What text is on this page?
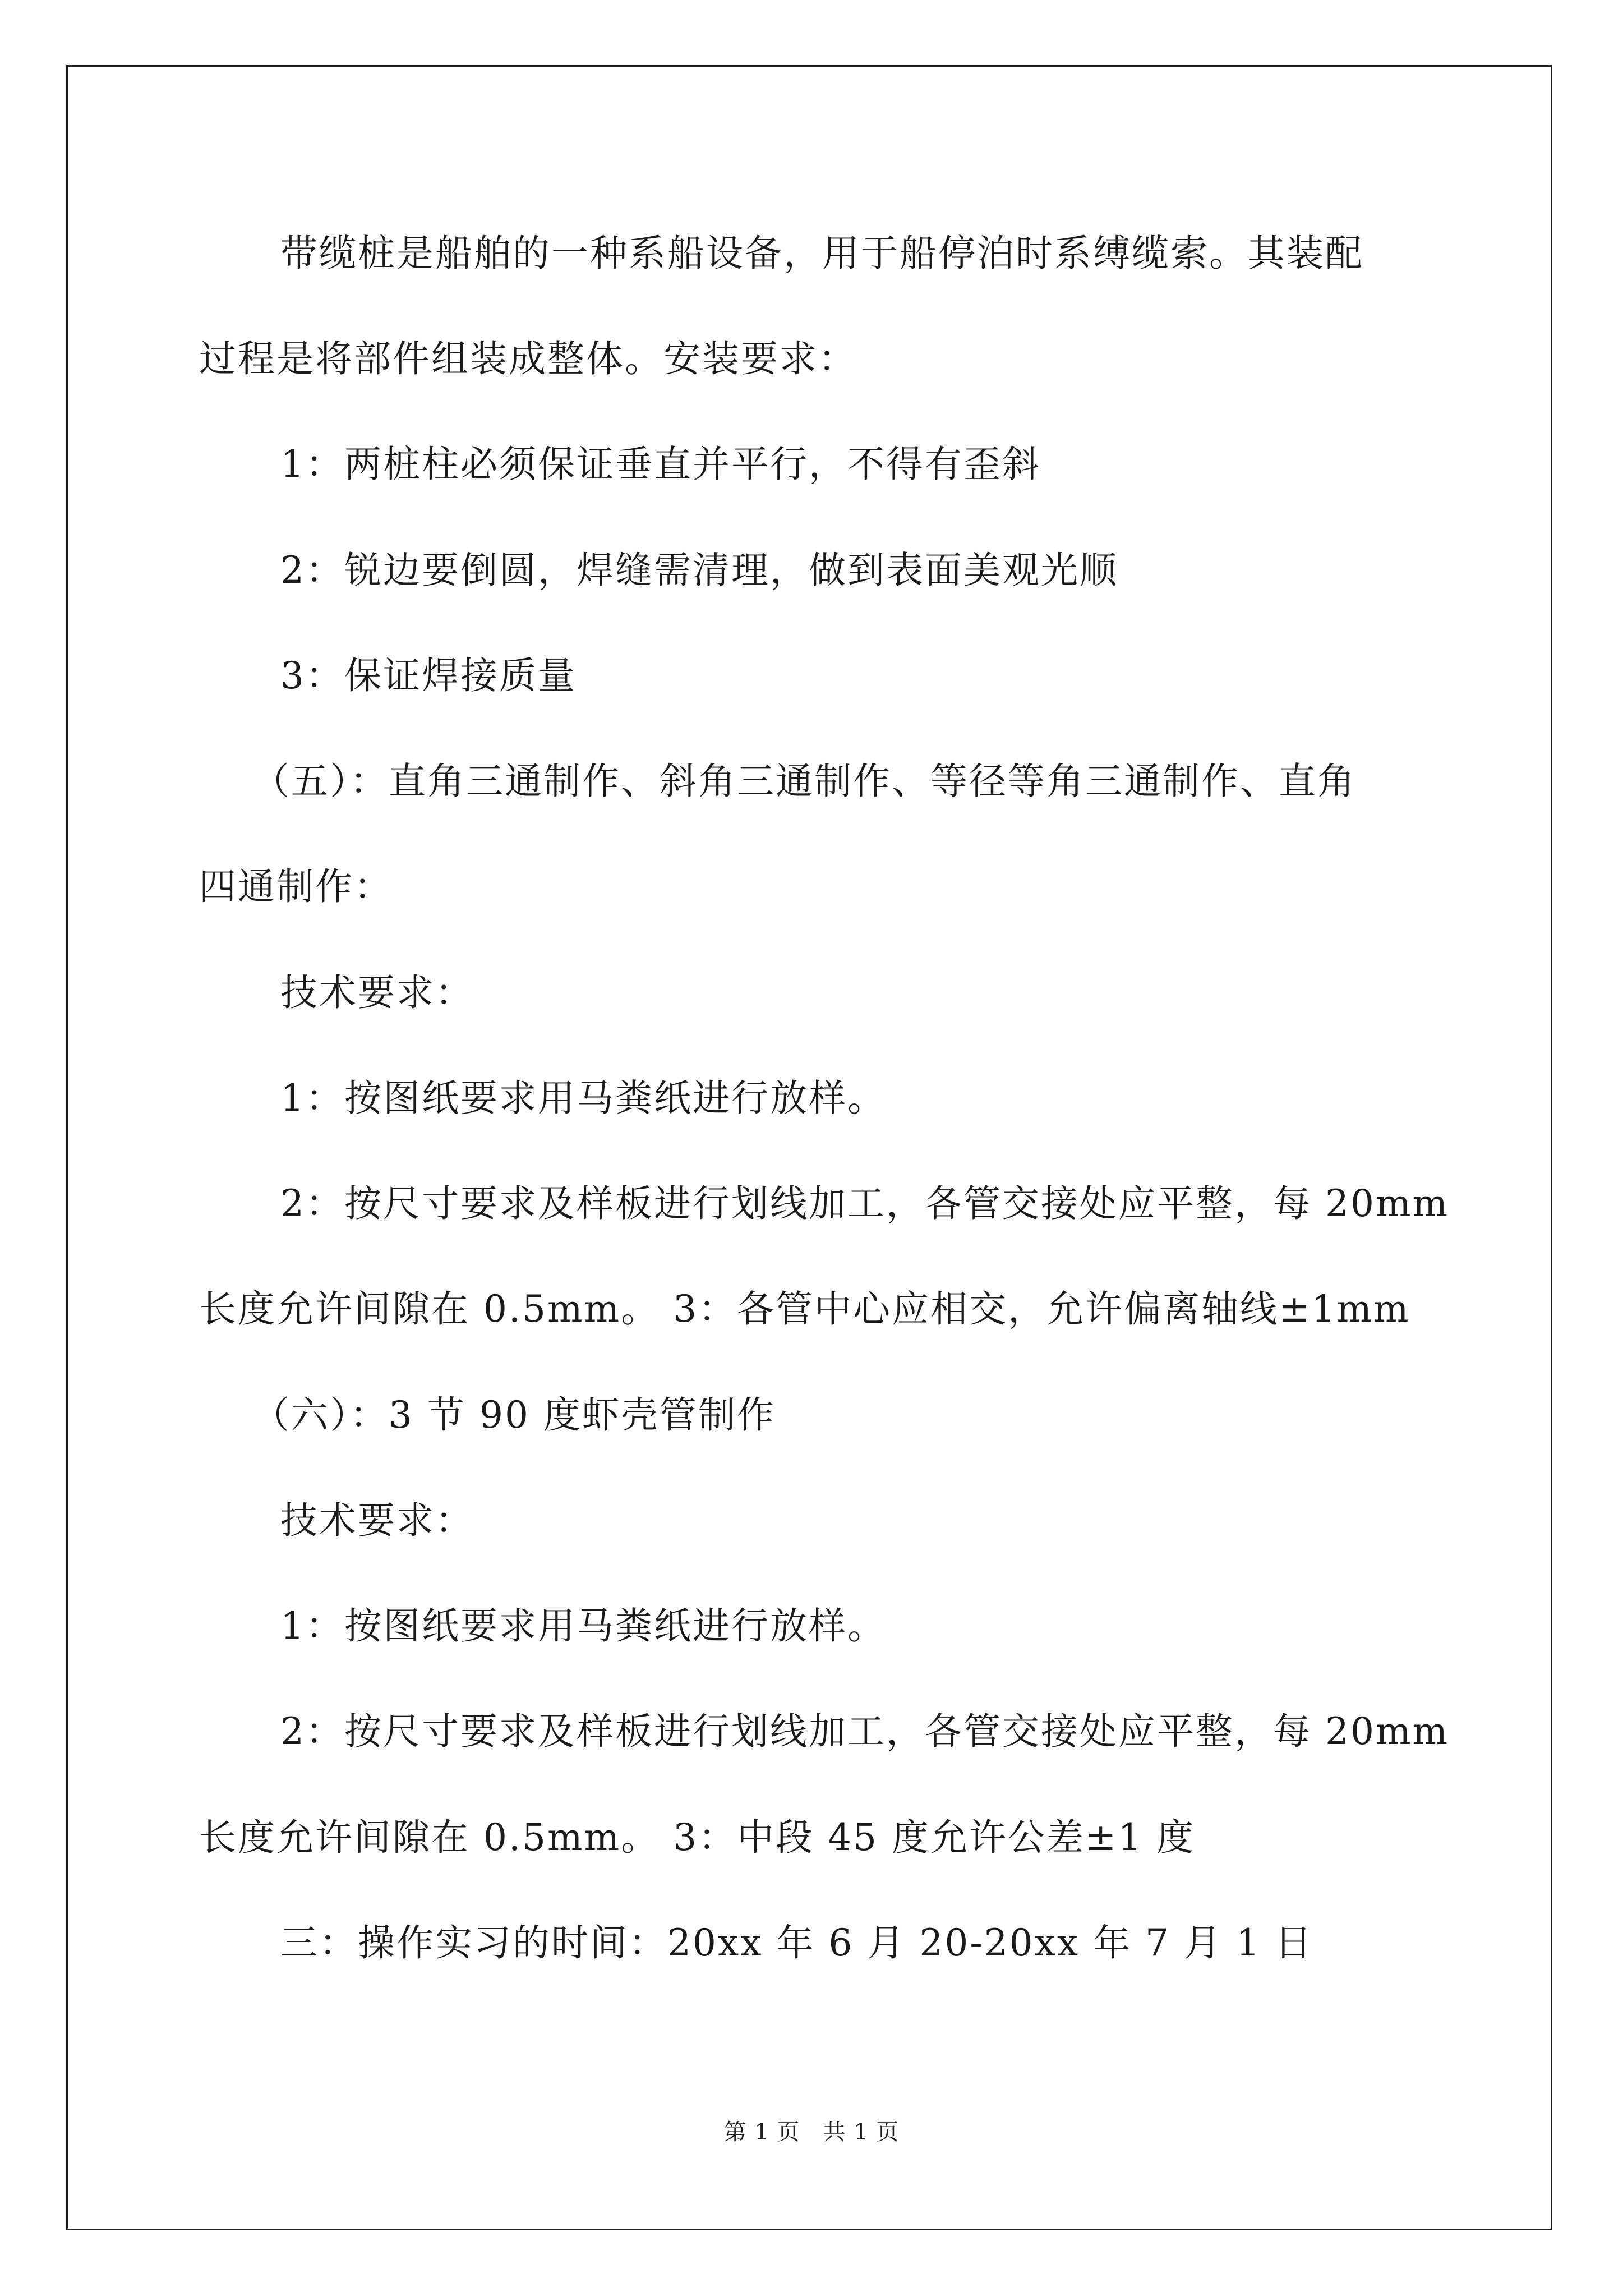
带缆桩是船舶的一种系船设备，用于船停泊时系缚缆索。其装配
过程是将部件组装成整体。安装要求：
1：两桩柱必须保证垂直并平行，不得有歪斜
2：锐边要倒圆，焊缝需清理，做到表面美观光顺
3：保证焊接质量
（五）：直角三通制作、斜角三通制作、等径等角三通制作、直角
四通制作：
技术要求：
1：按图纸要求用马粪纸进行放样。
2：按尺寸要求及样板进行划线加工，各管交接处应平整，每 20mm
长度允许间隙在 0.5mm。 3：各管中心应相交，允许偏离轴线±1mm
（六）：3 节 90 度虾壳管制作
技术要求：
1：按图纸要求用马粪纸进行放样。
2：按尺寸要求及样板进行划线加工，各管交接处应平整，每 20mm
长度允许间隙在 0.5mm。 3：中段 45 度允许公差±1 度
三：操作实习的时间：20xx 年 6 月 20-20xx 年 7 月 1 日
第 1 页　共 1 页
